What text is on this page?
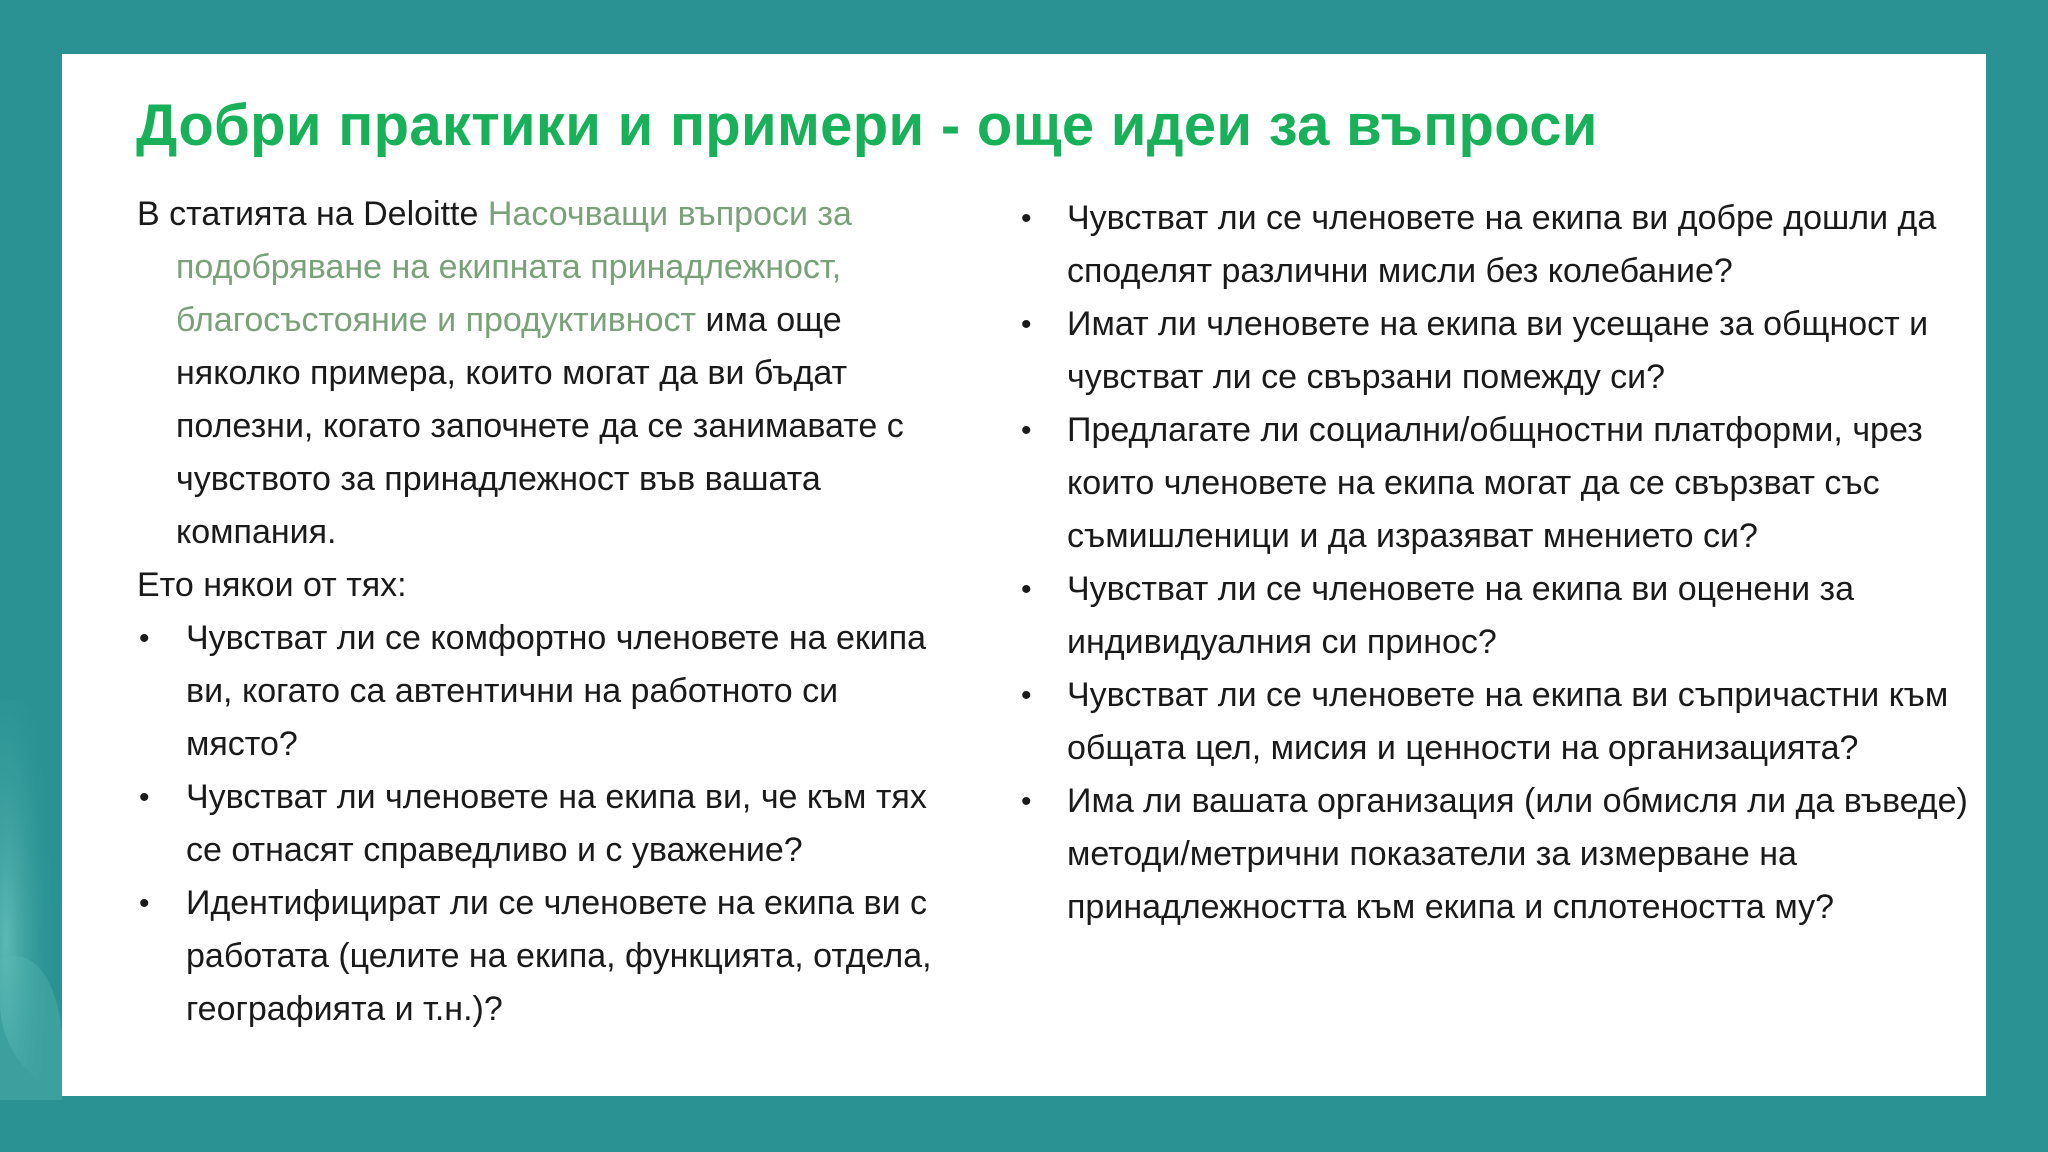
Добри практики и примери - още идеи за въпроси

В статията на Deloitte Насочващи въпроси за подобряване на екипната принадлежност, благосъстояние и продуктивност има още няколко примера, които могат да ви бъдат полезни, когато започнете да се занимавате с чувството за принадлежност във вашата компания.

Ето някои от тях:

• Чувстват ли се комфортно членовете на екипа ви, когато са автентични на работното си място?
• Чувстват ли членовете на екипа ви, че към тях се отнасят справедливо и с уважение?
• Идентифицират ли се членовете на екипа ви с работата (целите на екипа, функцията, отдела, географията и т.н.)?
• Чувстват ли се членовете на екипа ви добре дошли да споделят различни мисли без колебание?
• Имат ли членовете на екипа ви усещане за общност и чувстват ли се свързани помежду си?
• Предлагате ли социални/общностни платформи, чрез които членовете на екипа могат да се свързват със съмишленици и да изразяват мнението си?
• Чувстват ли се членовете на екипа ви оценени за индивидуалния си принос?
• Чувстват ли се членовете на екипа ви съпричастни към общата цел, мисия и ценности на организацията?
• Има ли вашата организация (или обмисля ли да въведе) методи/метрични показатели за измерване на принадлежността към екипа и сплотеността му?
